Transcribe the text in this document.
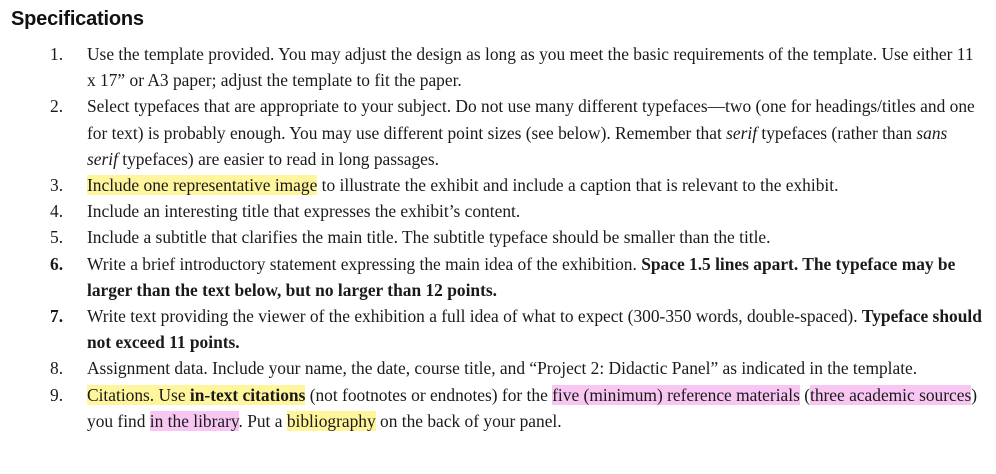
Specifications
1.	Use the template provided. You may adjust the design as long as you meet the basic requirements of the template. Use either 11 x 17” or A3 paper; adjust the template to fit the paper.
2.	Select typefaces that are appropriate to your subject. Do not use many different typefaces—two (one for headings/titles and one for text) is probably enough. You may use different point sizes (see below). Remember that serif typefaces (rather than sans serif typefaces) are easier to read in long passages.
3.	Include one representative image to illustrate the exhibit and include a caption that is relevant to the exhibit.
4.	Include an interesting title that expresses the exhibit’s content.
5.	Include a subtitle that clarifies the main title. The subtitle typeface should be smaller than the title.
6.	Write a brief introductory statement expressing the main idea of the exhibition. Space 1.5 lines apart. The typeface may be larger than the text below, but no larger than 12 points.
7.	Write text providing the viewer of the exhibition a full idea of what to expect (300-350 words, double-spaced). Typeface should not exceed 11 points.
8.	Assignment data. Include your name, the date, course title, and “Project 2: Didactic Panel” as indicated in the template.
9.	Citations. Use in-text citations (not footnotes or endnotes) for the five (minimum) reference materials (three academic sources) you find in the library. Put a bibliography on the back of your panel.
